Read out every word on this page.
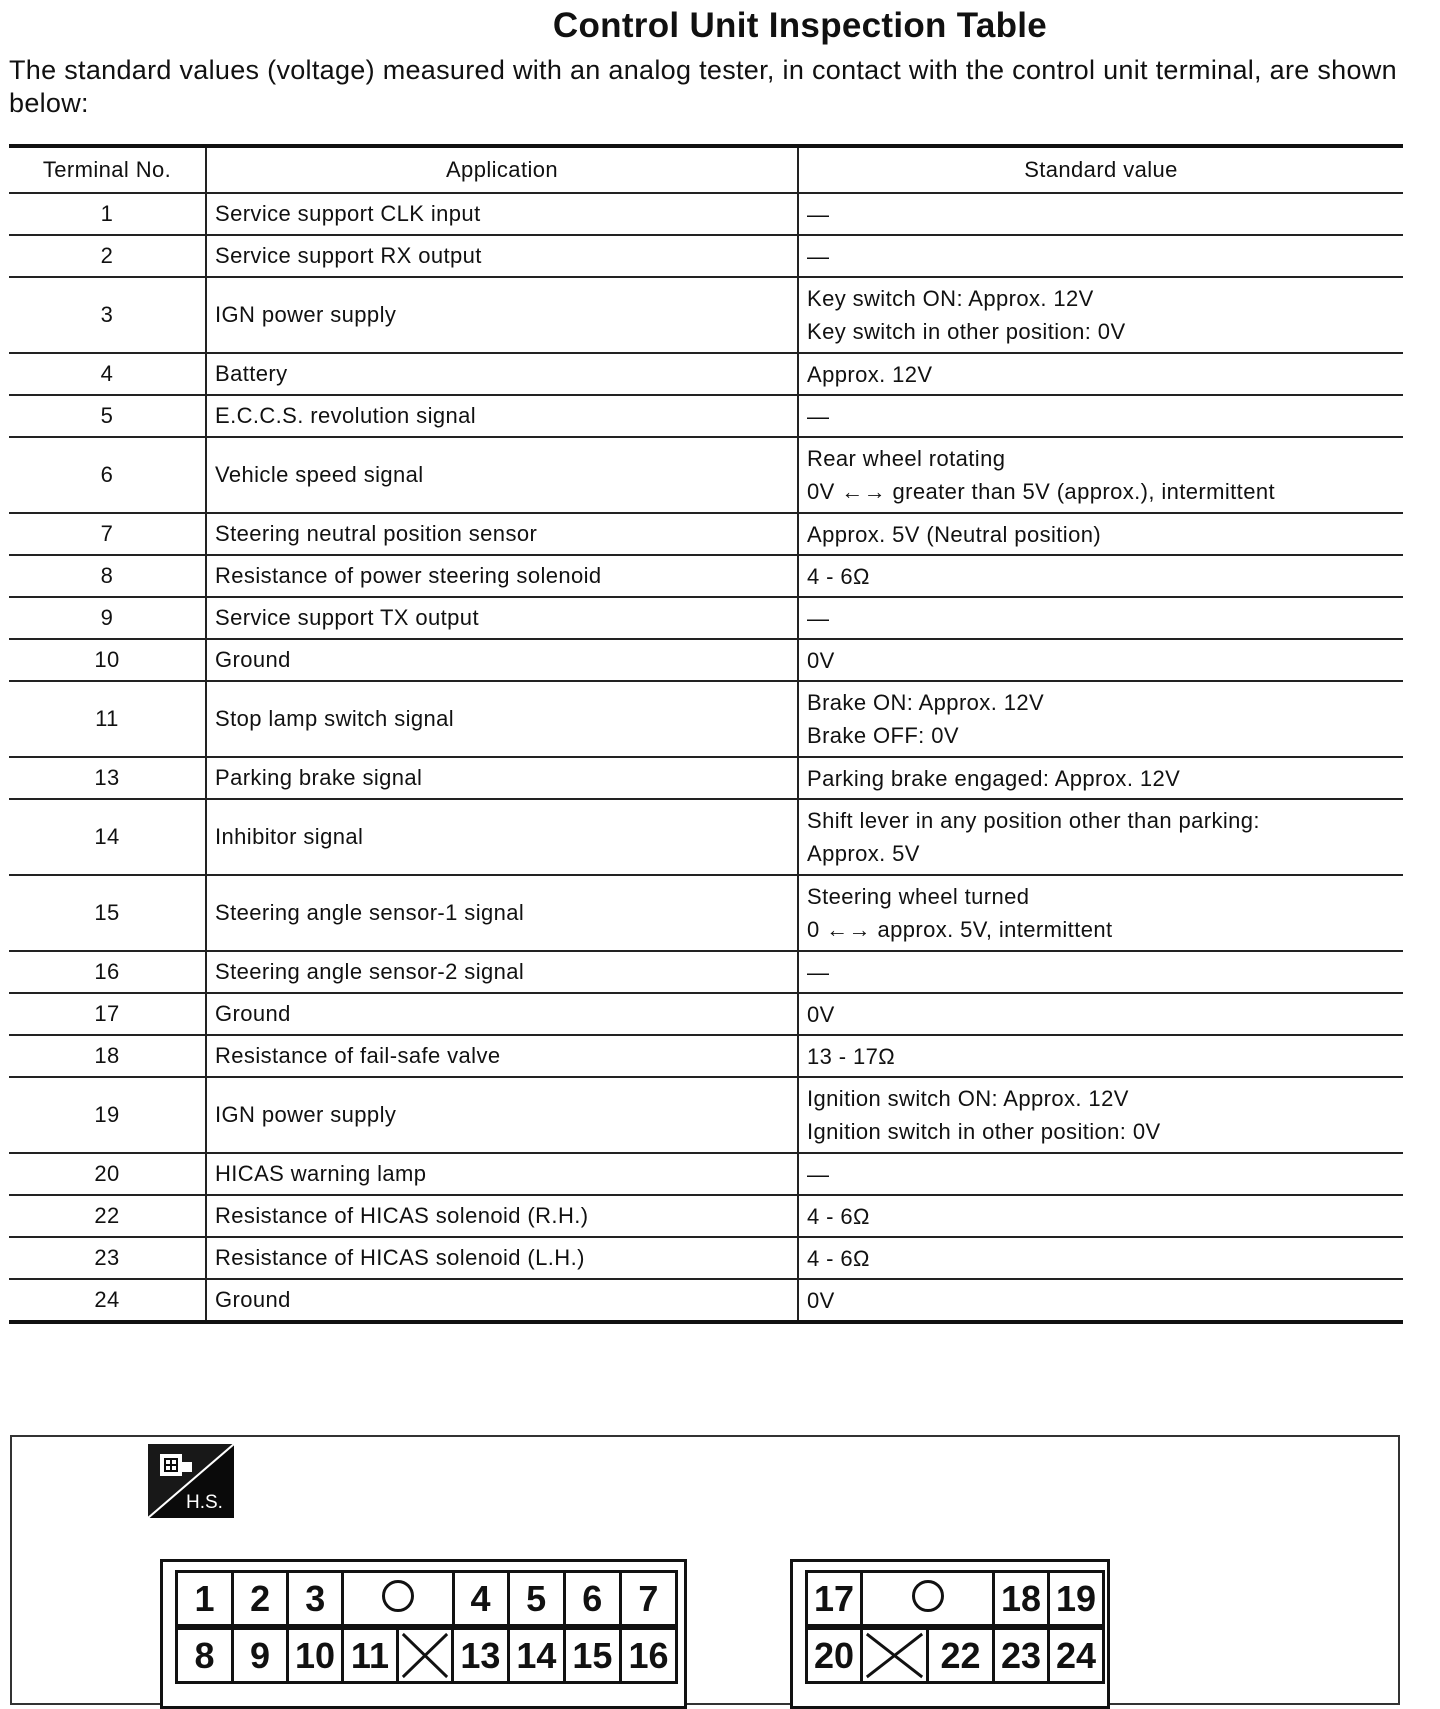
Control Unit Inspection Table
The standard values (voltage) measured with an analog tester, in contact with the control unit terminal, are shown below:
Terminal No.	Application	Standard value
1	Service support CLK input	—

2	Service support RX output	—

3	IGN power supply	Key switch ON: Approx. 12V
Key switch in other position: 0V

4	Battery	Approx. 12V

5	E.C.C.S. revolution signal	—

6	Vehicle speed signal	Rear wheel rotating
0V ←→ greater than 5V (approx.), intermittent

7	Steering neutral position sensor	Approx. 5V (Neutral position)

8	Resistance of power steering solenoid	4 - 6Ω

9	Service support TX output	—

10	Ground	0V

11	Stop lamp switch signal	Brake ON: Approx. 12V
Brake OFF: 0V

13	Parking brake signal	Parking brake engaged: Approx. 12V

14	Inhibitor signal	Shift lever in any position other than parking:
Approx. 5V

15	Steering angle sensor-1 signal	Steering wheel turned
0 ←→ approx. 5V, intermittent

16	Steering angle sensor-2 signal	—

17	Ground	0V

18	Resistance of fail-safe valve	13 - 17Ω

19	IGN power supply	Ignition switch ON: Approx. 12V
Ignition switch in other position: 0V

20	HICAS warning lamp	—

22	Resistance of HICAS solenoid (R.H.)	4 - 6Ω

23	Resistance of HICAS solenoid (L.H.)	4 - 6Ω

24	Ground	0V
H.S.
1	2	3		4	5	6	7
8	9	10	11		13	14	15	16
17		18	19
20		22	23	24
